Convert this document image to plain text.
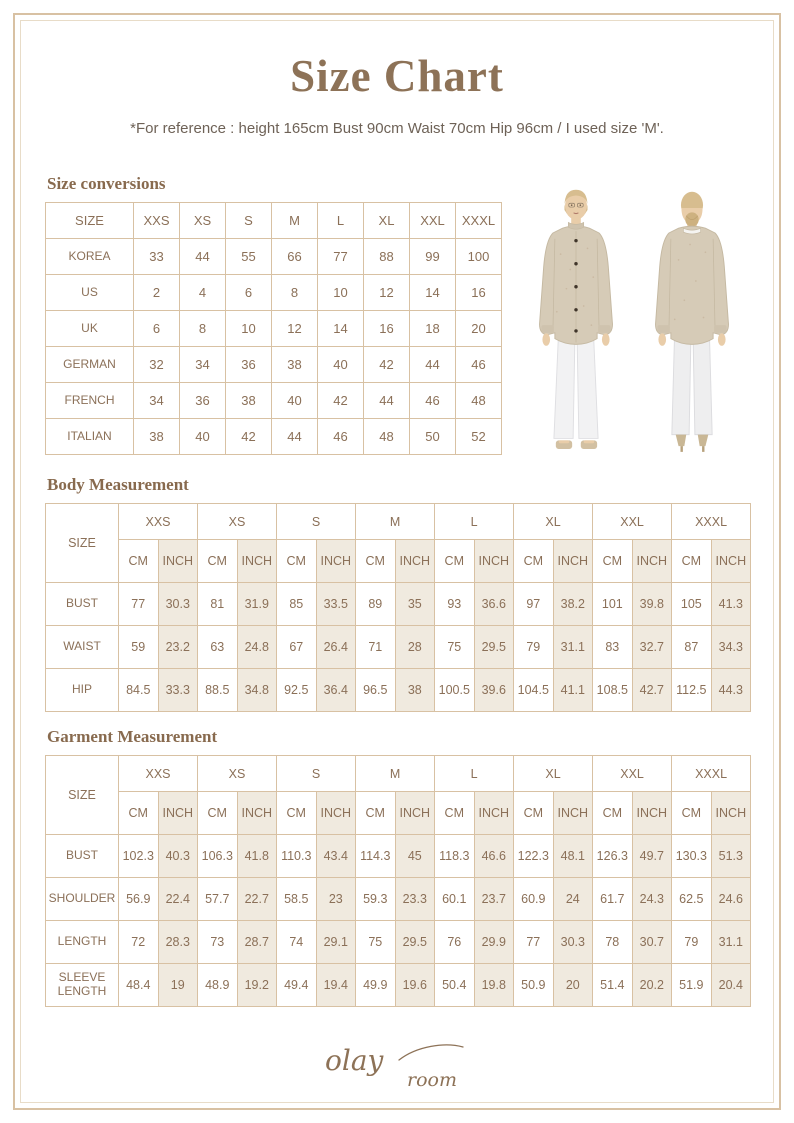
Size Chart

*For reference : height 165cm Bust 90cm Waist 70cm Hip 96cm / I used size 'M'.

Size conversions
SIZE	XXS	XS	S	M	L	XL	XXL	XXXL
KOREA	33	44	55	66	77	88	99	100
US	2	4	6	8	10	12	14	16
UK	6	8	10	12	14	16	18	20
GERMAN	32	34	36	38	40	42	44	46
FRENCH	34	36	38	40	42	44	46	48
ITALIAN	38	40	42	44	46	48	50	52
Body Measurement
SIZE	XXS		XS		S		M		L		XL		XXL		XXXL	
	CM	INCH	CM	INCH	CM	INCH	CM	INCH	CM	INCH	CM	INCH	CM	INCH	CM	INCH
BUST	77	30.3	81	31.9	85	33.5	89	35	93	36.6	97	38.2	101	39.8	105	41.3
WAIST	59	23.2	63	24.8	67	26.4	71	28	75	29.5	79	31.1	83	32.7	87	34.3
HIP	84.5	33.3	88.5	34.8	92.5	36.4	96.5	38	100.5	39.6	104.5	41.1	108.5	42.7	112.5	44.3
Garment Measurement
SIZE	XXS		XS		S		M		L		XL		XXL		XXXL	
	CM	INCH	CM	INCH	CM	INCH	CM	INCH	CM	INCH	CM	INCH	CM	INCH	CM	INCH
BUST	102.3	40.3	106.3	41.8	110.3	43.4	114.3	45	118.3	46.6	122.3	48.1	126.3	49.7	130.3	51.3
SHOULDER	56.9	22.4	57.7	22.7	58.5	23	59.3	23.3	60.1	23.7	60.9	24	61.7	24.3	62.5	24.6
LENGTH	72	28.3	73	28.7	74	29.1	75	29.5	76	29.9	77	30.3	78	30.7	79	31.1
SLEEVE LENGTH	48.4	19	48.9	19.2	49.4	19.4	49.9	19.6	50.4	19.8	50.9	20	51.4	20.2	51.9	20.4
olay
room
